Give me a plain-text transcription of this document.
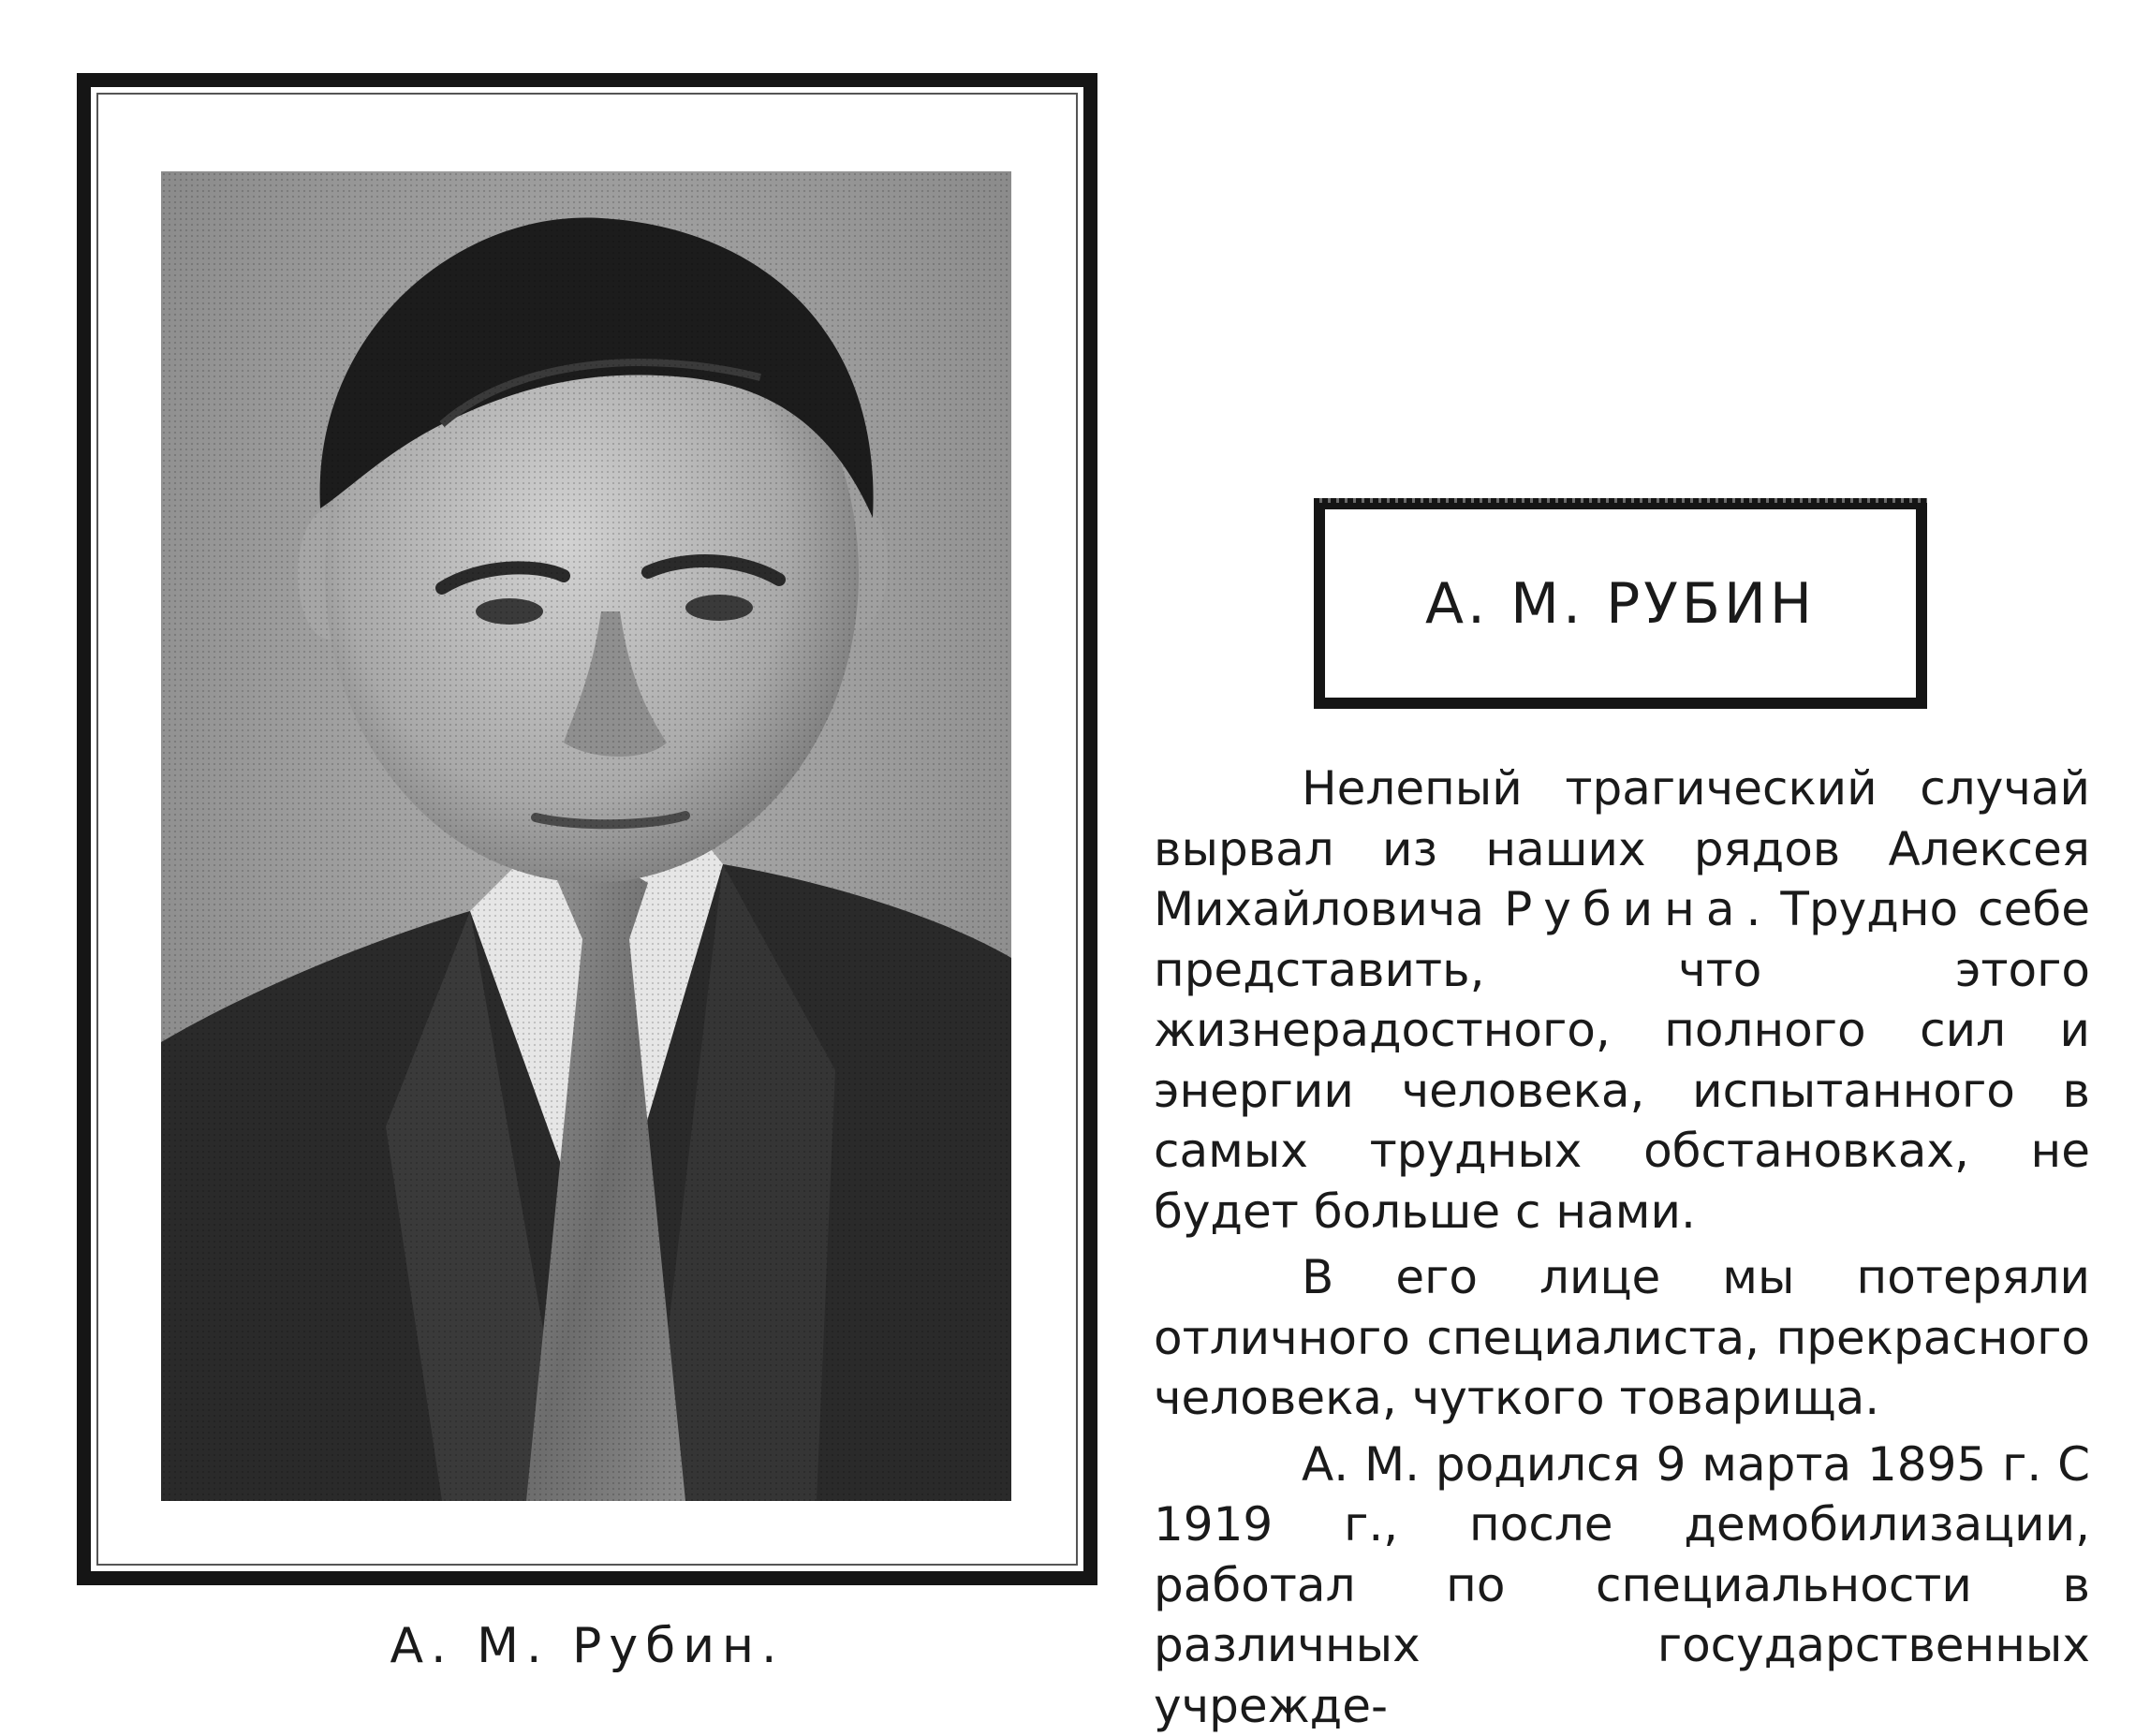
А. М. Рубин.
А. М. РУБИН

Нелепый трагический случай вырвал из наших рядов Алексея Михайловича Рубина. Трудно себе представить, что этого жизнерадостного, полного сил и энергии человека, испытанного в самых трудных обстановках, не будет больше с нами.

В его лице мы потеряли отличного специалиста, прекрасного человека, чуткого товарища.

А. М. родился 9 марта 1895 г. С 1919 г., после демобилизации, работал по специальности в различных государственных учрежде-
